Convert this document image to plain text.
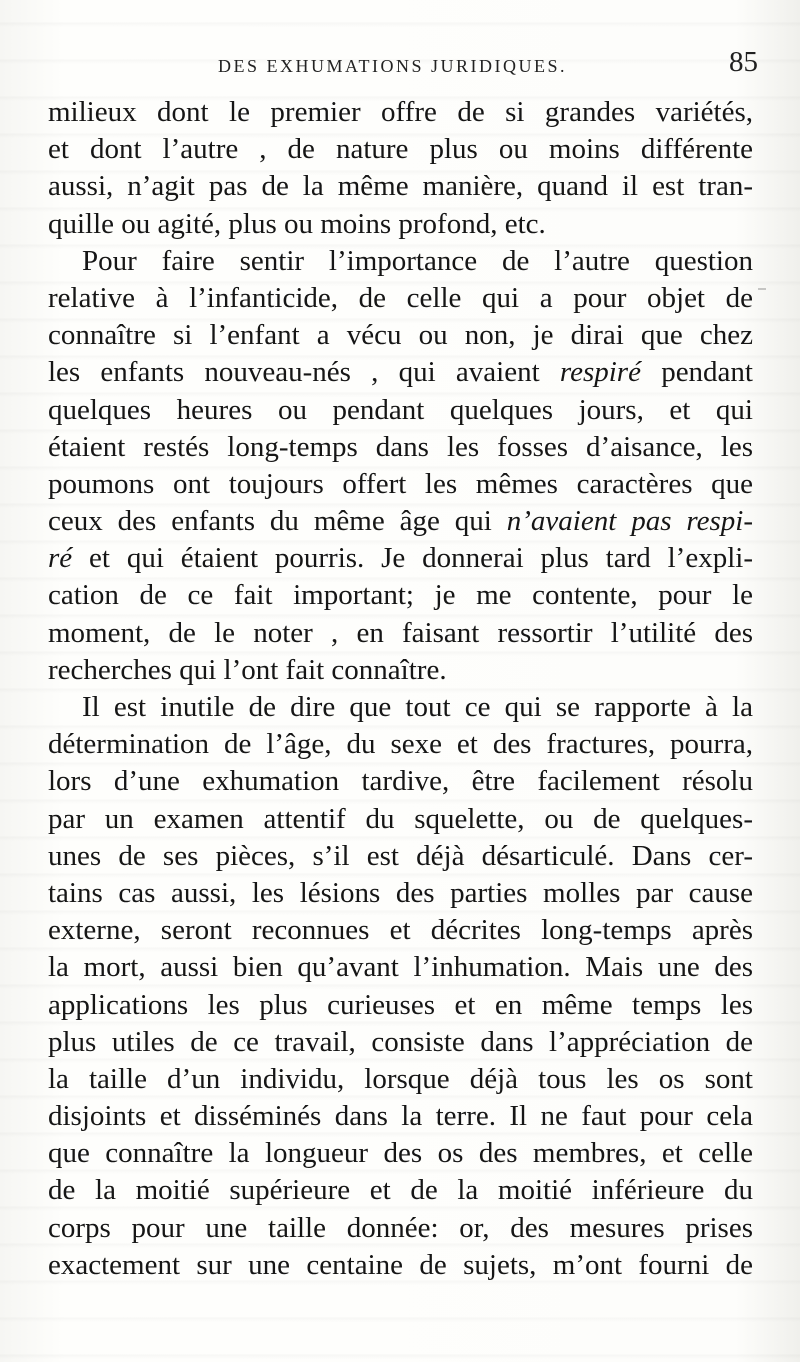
DES EXHUMATIONS JURIDIQUES.	85
milieux dont le premier offre de si grandes variétés,
et dont l’autre , de nature plus ou moins différente
aussi, n’agit pas de la même manière, quand il est tran-
quille ou agité, plus ou moins profond, etc.
Pour faire sentir l’importance de l’autre question
relative à l’infanticide, de celle qui a pour objet de
connaître si l’enfant a vécu ou non, je dirai que chez
les enfants nouveau-nés , qui avaient respiré pendant
quelques heures ou pendant quelques jours, et qui
étaient restés long-temps dans les fosses d’aisance, les
poumons ont toujours offert les mêmes caractères que
ceux des enfants du même âge qui n’avaient pas respi-
ré et qui étaient pourris. Je donnerai plus tard l’expli-
cation de ce fait important; je me contente, pour le
moment, de le noter , en faisant ressortir l’utilité des
recherches qui l’ont fait connaître.
Il est inutile de dire que tout ce qui se rapporte à la
détermination de l’âge, du sexe et des fractures, pourra,
lors d’une exhumation tardive, être facilement résolu
par un examen attentif du squelette, ou de quelques-
unes de ses pièces, s’il est déjà désarticulé. Dans cer-
tains cas aussi, les lésions des parties molles par cause
externe, seront reconnues et décrites long-temps après
la mort, aussi bien qu’avant l’inhumation. Mais une des
applications les plus curieuses et en même temps les
plus utiles de ce travail, consiste dans l’appréciation de
la taille d’un individu, lorsque déjà tous les os sont
disjoints et disséminés dans la terre. Il ne faut pour cela
que connaître la longueur des os des membres, et celle
de la moitié supérieure et de la moitié inférieure du
corps pour une taille donnée: or, des mesures prises
exactement sur une centaine de sujets, m’ont fourni de
